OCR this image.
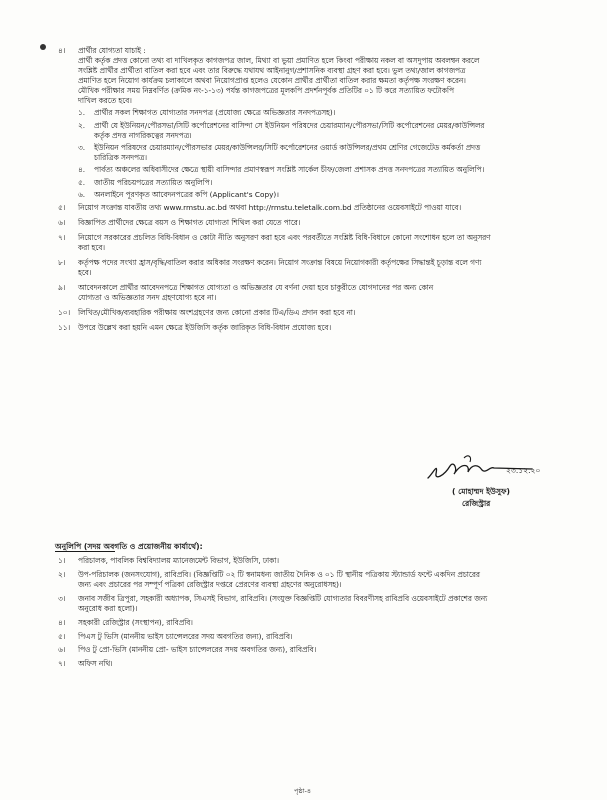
৪। প্রার্থীর যোগ্যতা যাচাই :
প্রার্থী কর্তৃক প্রদত্ত কোনো তথ্য বা দাখিলকৃত কাগজপত্র জাল, মিথ্যা বা ভুয়া প্রমাণিত হলে কিংবা পরীক্ষায় নকল বা অসদুপায় অবলম্বন করলে
সংশ্লিষ্ট প্রার্থীর প্রার্থীতা বাতিল করা হবে এবং তার বিরুদ্ধে যথাযথ আইনানুগ/প্রশাসনিক ব্যবস্থা গ্রহণ করা হবে। ভুল তথ্য/জাল কাগজপত্র
প্রমাণিত হলে নিয়োগ কার্যক্রম চলাকালে অথবা নিয়োগপ্রাপ্ত হলেও যেকোন প্রার্থীর প্রার্থীতা বাতিল করার ক্ষমতা কর্তৃপক্ষ সংরক্ষণ করেন।
মৌখিক পরীক্ষার সময় নিম্নবর্ণিত (ক্রমিক নং-১-১৩) পর্যন্ত কাগজপত্রের মূলকপি প্রদর্শনপূর্বক প্রতিটির ০১ টি করে সত্যায়িত ফটোকপি
দাখিল করতে হবে।
১. প্রার্থীর সকল শিক্ষাগত যোগ্যতার সনদপত্র (প্রযোজ্য ক্ষেত্রে অভিজ্ঞতার সনদপত্রসহ)।
২. প্রার্থী যে ইউনিয়ন/পৌরসভা/সিটি কর্পোরেশনের বাসিন্দা সে ইউনিয়ন পরিষদের চেয়ারম্যান/পৌরসভা/সিটি কর্পোরেশনের মেয়র/কাউন্সিলর
কর্তৃক প্রদত্ত নাগরিকত্বের সনদপত্র।
৩. ইউনিয়ন পরিষদের চেয়ারম্যান/পৌরসভার মেয়র/কাউন্সিলর/সিটি কর্পোরেশনের ওয়ার্ড কাউন্সিলর/প্রথম শ্রেণির গেজেটেড কর্মকর্তা প্রদত্ত
চারিত্রিক সনদপত্র।
৪. পার্বত্য অঞ্চলের অধিবাসীদের ক্ষেত্রে স্থায়ী বাসিন্দার প্রমাণস্বরূপ সংশ্লিষ্ট সার্কেল চীফ/জেলা প্রশাসক প্রদত্ত সনদপত্রের সত্যায়িত অনুলিপি।
৫. জাতীয় পরিচয়পত্রের সত্যায়িত অনুলিপি।
৬. অনলাইনে পূরণকৃত আবেদনপত্রের কপি (Applicant's Copy)।
৫। নিয়োগ সংক্রান্ত যাবতীয় তথ্য www.rmstu.ac.bd অথবা http://rmstu.teletalk.com.bd প্রতিষ্ঠানের ওয়েবসাইটে পাওয়া যাবে।
৬। বিজ্ঞাপিত প্রার্থীদের ক্ষেত্রে বয়স ও শিক্ষাগত যোগ্যতা শিথিল করা যেতে পারে।
৭। নিয়োগে সরকারের প্রচলিত বিধি-বিধান ও কোটা নীতি অনুসরণ করা হবে এবং পরবর্তীতে সংশ্লিষ্ট বিধি-বিধানে কোনো সংশোধন হলে তা অনুসরণ
করা হবে।
৮। কর্তৃপক্ষ পদের সংখ্যা হ্রাস/বৃদ্ধি/বাতিল করার অধিকার সংরক্ষণ করেন। নিয়োগ সংক্রান্ত বিষয়ে নিয়োগকারী কর্তৃপক্ষের সিদ্ধান্তই চূড়ান্ত বলে গণ্য
হবে।
৯। আবেদনকালে প্রার্থীর আবেদনপত্রে শিক্ষাগত যোগ্যতা ও অভিজ্ঞতার যে বর্ণনা দেয়া হবে চাকুরীতে যোগদানের পর অন্য কোন
যোগ্যতা ও অভিজ্ঞতার সনদ গ্রহণযোগ্য হবে না।
১০। লিখিত/মৌখিক/ব্যবহারিক পরীক্ষায় অংশগ্রহণের জন্য কোনো প্রকার টিএ/ডিএ প্রদান করা হবে না।
১১। উপরে উল্লেখ করা হয়নি এমন ক্ষেত্রে ইউজিসি কর্তৃক জারিকৃত বিধি-বিধান প্রযোজ্য হবে।
২৩.১২.২০
( মোহাম্মদ ইউসুফ)
রেজিস্ট্রার
অনুলিপি (সদয় অবগতি ও প্রয়োজনীয় কার্যার্থে):
পৃষ্ঠা-৪
১। পরিচালক, পাবলিক বিশ্ববিদ্যালয় ম্যানেজমেন্ট বিভাগ, ইউজিসি, ঢাকা।
২। উপ-পরিচালক (জনসংযোগ), রাবিপ্রবি। (বিজ্ঞপ্তিটি ০২ টি স্বনামধন্য জাতীয় দৈনিক ও ০১ টি স্থানীয় পত্রিকায় স্ট্যান্ডার্ড ফন্টে একদিন প্রচারের
জন্য এবং প্রচারের পর সম্পূর্ণ পত্রিকা রেজিস্ট্রার দপ্তরে প্রেরণের ব্যবস্থা গ্রহণের অনুরোধসহ)।
৩। জনাব সজীব ত্রিপুরা, সহকারী অধ্যাপক, সিএসই বিভাগ, রাবিপ্রবি। (সংযুক্ত বিজ্ঞপ্তিটি যোগ্যতার বিবরণীসহ রাবিপ্রবি ওয়েবসাইটে প্রকাশের জন্য
অনুরোধ করা হলো)।
৪। সহকারী রেজিস্ট্রার (সংস্থাপন), রাবিপ্রবি।
৫। পিএস টু ভিসি (মাননীয় ভাইস চ্যান্সেলরের সদয় অবগতির জন্য), রাবিপ্রবি।
৬। পিও টু প্রো-ভিসি (মাননীয় প্রো- ভাইস চ্যান্সেলরের সদয় অবগতির জন্য), রাবিপ্রবি।
৭। অফিস নথি।
